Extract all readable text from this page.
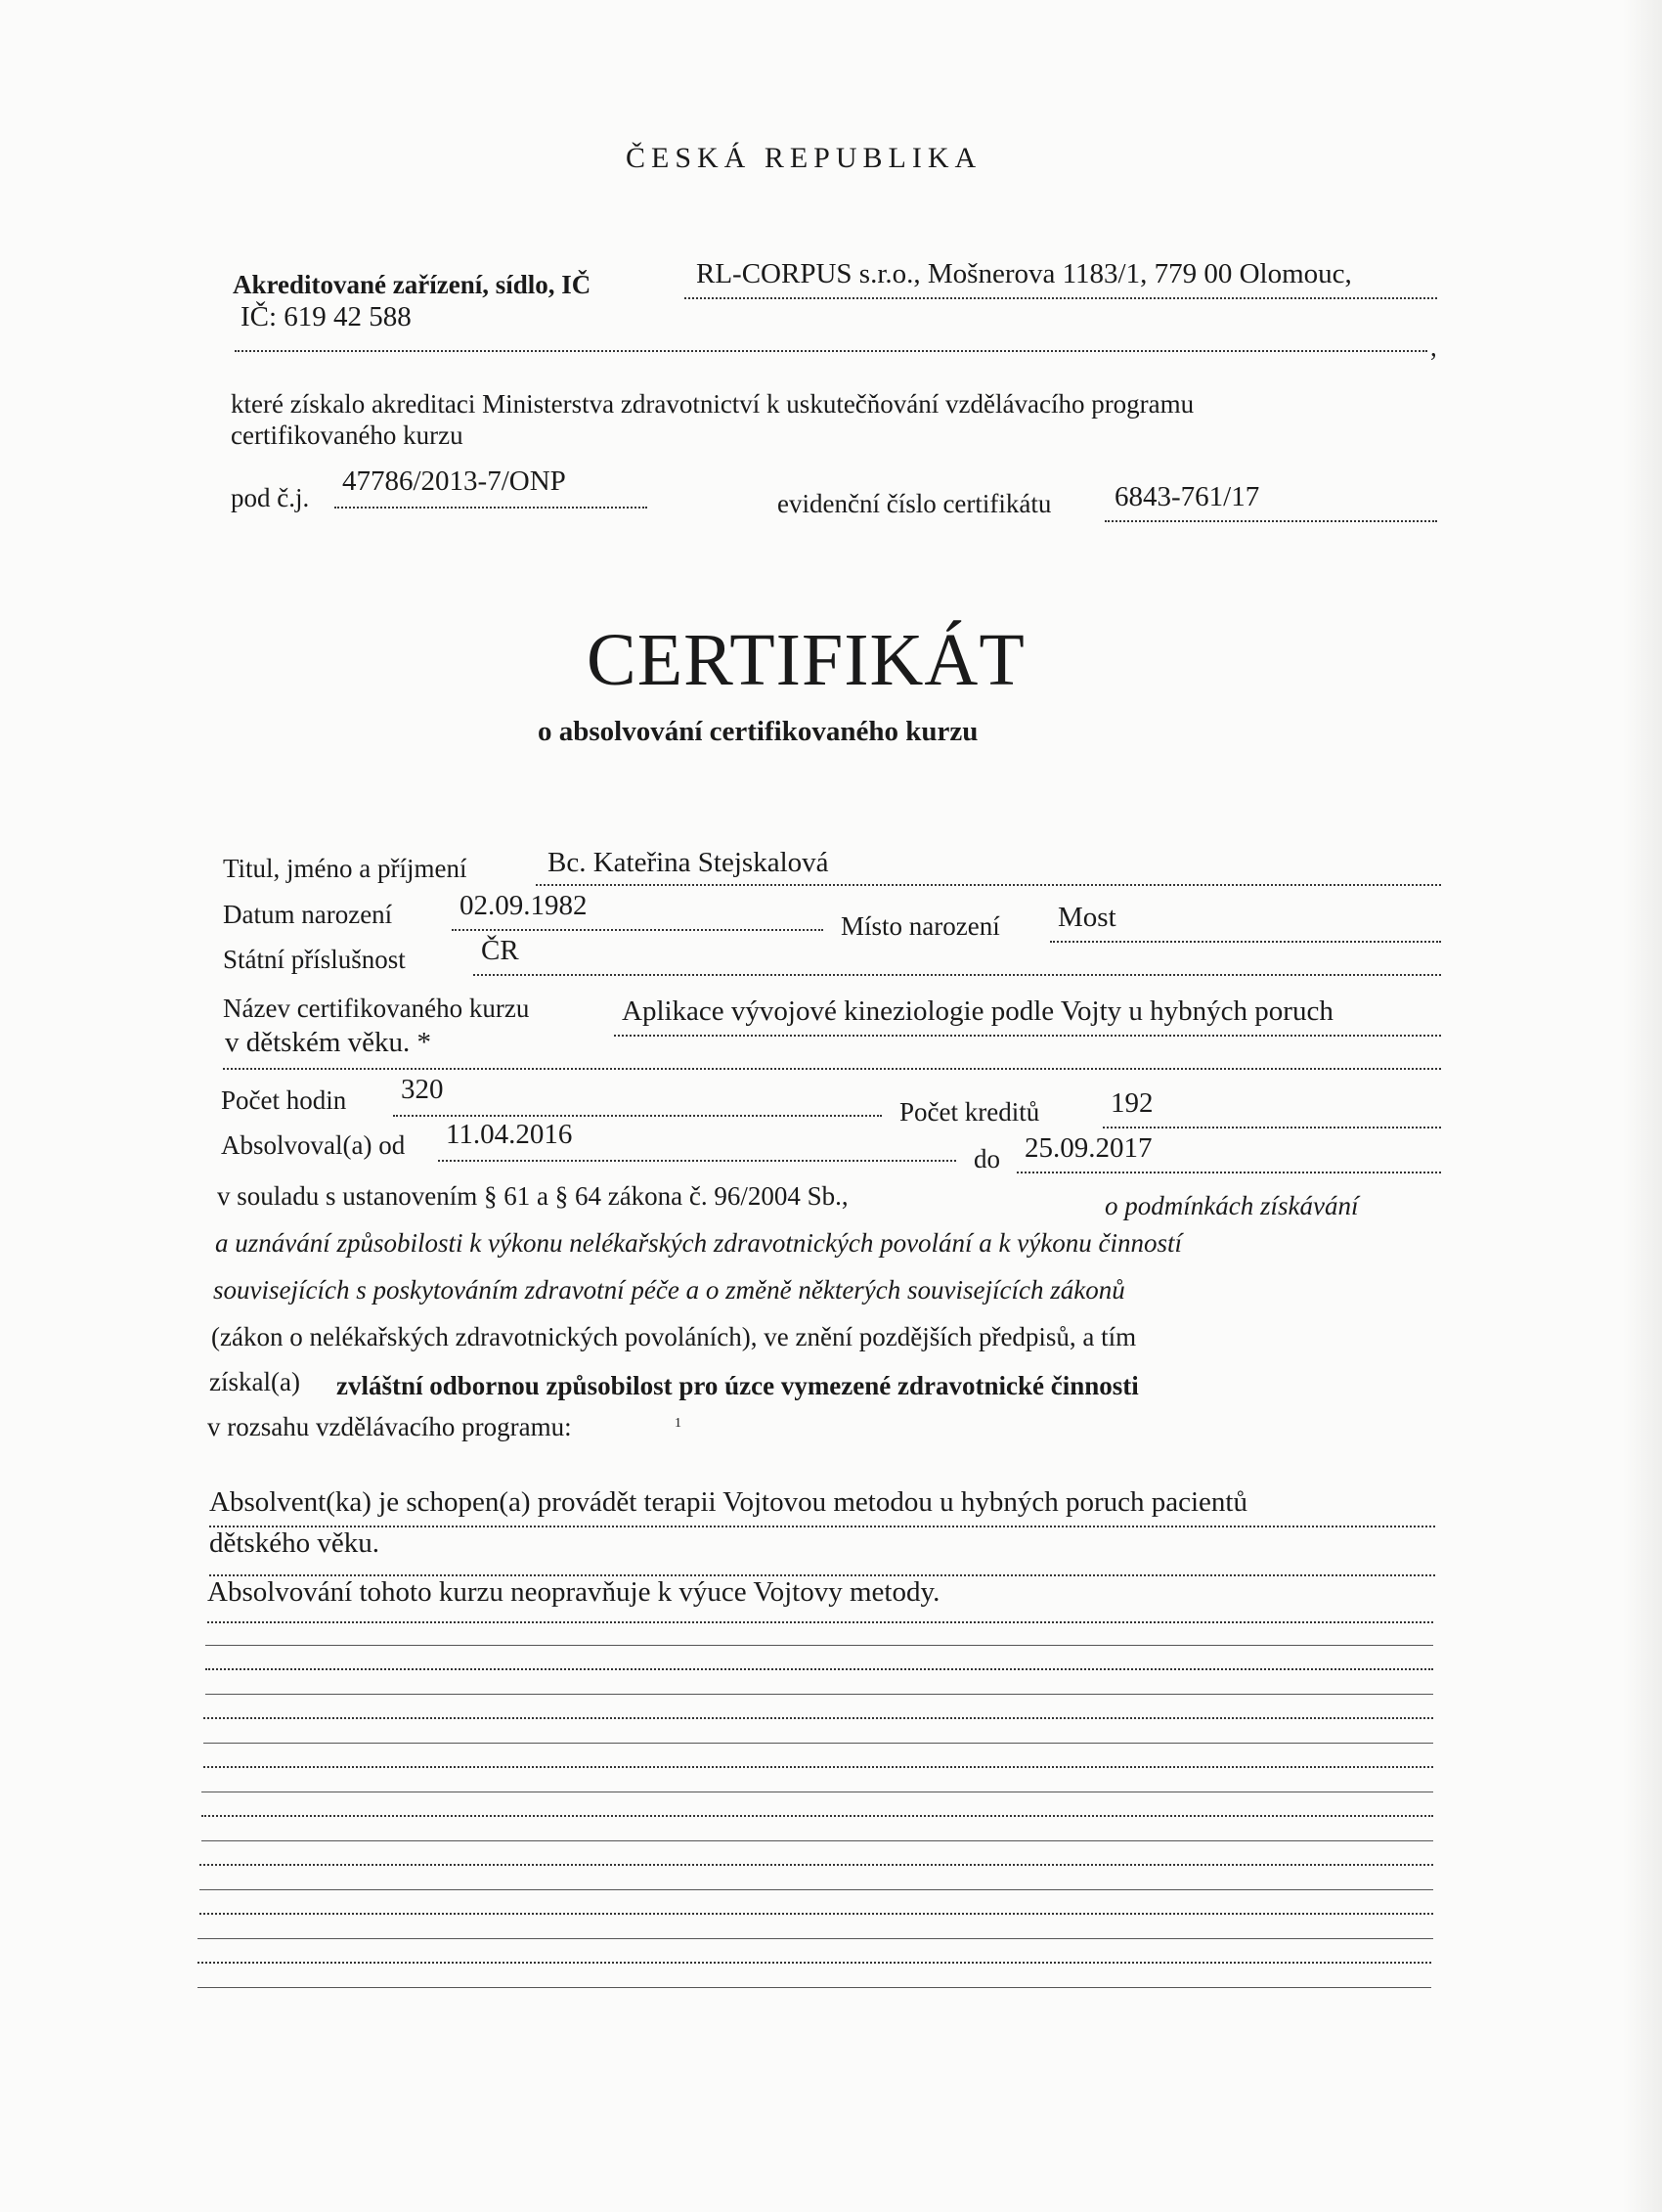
ČESKÁ REPUBLIKA
Akreditované zařízení, sídlo, IČ	RL-CORPUS s.r.o., Mošnerova 1183/1, 779 00 Olomouc,
IČ: 619 42 588
,
které získalo akreditaci Ministerstva zdravotnictví k uskutečňování vzdělávacího programu
certifikovaného kurzu
pod č.j.
47786/2013-7/ONP
evidenční číslo certifikátu 6843-761/17
CERTIFIKÁT
o absolvování certifikovaného kurzu
Titul, jméno a příjmení	Bc. Kateřina Stejskalová
Datum narození 02.09.1982
Místo narození Most
Státní příslušnost	ČR
Název certifikovaného kurzu	Aplikace vývojové kineziologie podle Vojty u hybných poruch
v dětském věku. *
Počet hodin 320
Počet kreditů	192
Absolvoval(a) od 11.04.2016
do 25.09.2017
v souladu s ustanovením § 61 a § 64 zákona č. 96/2004 Sb.,	o podmínkách získávání
a uznávání způsobilosti k výkonu nelékařských zdravotnických povolání a k výkonu činností
souvisejících s poskytováním zdravotní péče a o změně některých souvisejících zákonů
(zákon o nelékařských zdravotnických povoláních), ve znění pozdějších předpisů, a tím
získal(a) zvláštní odbornou způsobilost pro úzce vymezené zdravotnické činnosti
v rozsahu vzdělávacího programu:	1
Absolvent(ka) je schopen(a) provádět terapii Vojtovou metodou u hybných poruch pacientů
dětského věku.
Absolvování tohoto kurzu neopravňuje k výuce Vojtovy metody.
